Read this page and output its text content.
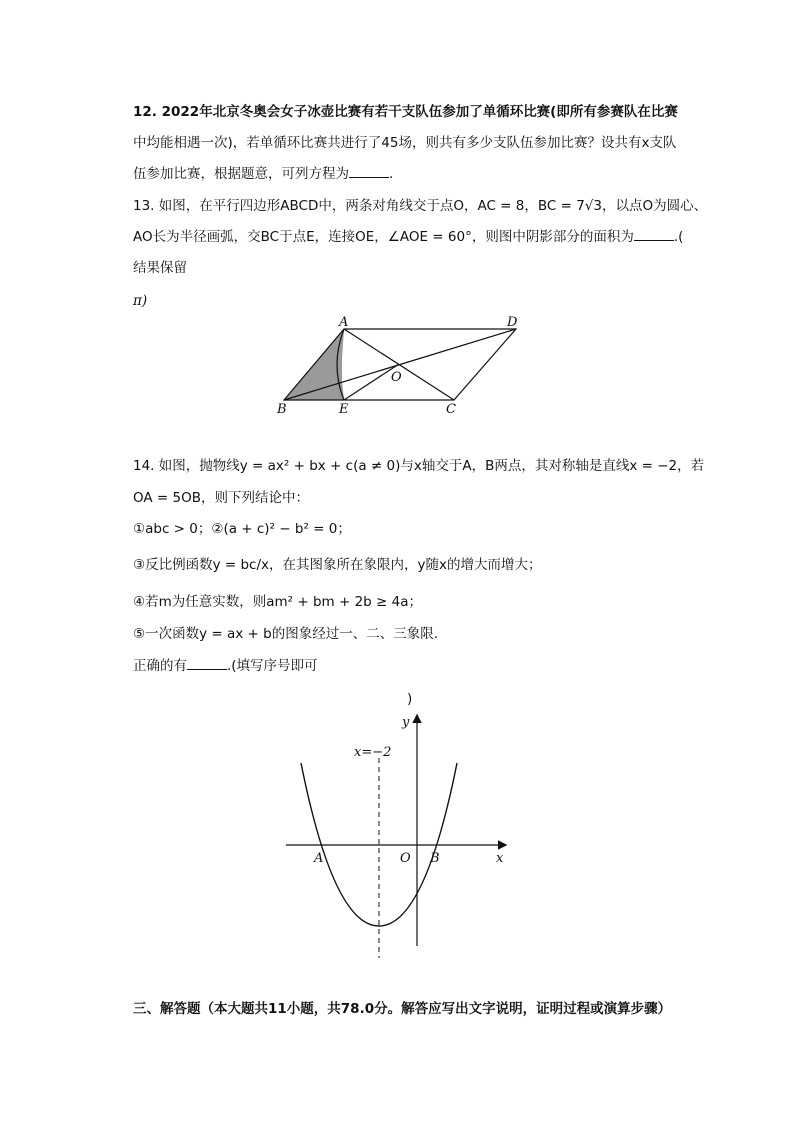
12. 2022年北京冬奥会女子冰壶比赛有若干支队伍参加了单循环比赛(即所有参赛队在比赛
中均能相遇一次)，若单循环比赛共进行了45场，则共有多少支队伍参加比赛？设共有x支队
伍参加比赛，根据题意，可列方程为	.
13. 如图，在平行四边形ABCD中，两条对角线交于点O，AC = 8，BC = 7√3，以点O为圆心、
AO长为半径画弧，交BC于点E，连接OE，∠AOE = 60°，则图中阴影部分的面积为	.(
结果保留
π)
A	D
O
B	E	C
14. 如图，抛物线y = ax² + bx + c(a ≠ 0)与x轴交于A，B两点，其对称轴是直线x = −2，若
OA = 5OB，则下列结论中：
①abc > 0；②(a + c)² − b² = 0；
③反比例函数y = bc/x，在其图象所在象限内，y随x的增大而增大；
④若m为任意实数，则am² + bm + 2b ≥ 4a；
⑤一次函数y = ax + b的图象经过一、二、三象限．
正确的有	.(填写序号即可
)
y
x
x=−2
A	O B
三、解答题（本大题共11小题，共78.0分。解答应写出文字说明，证明过程或演算步骤）
